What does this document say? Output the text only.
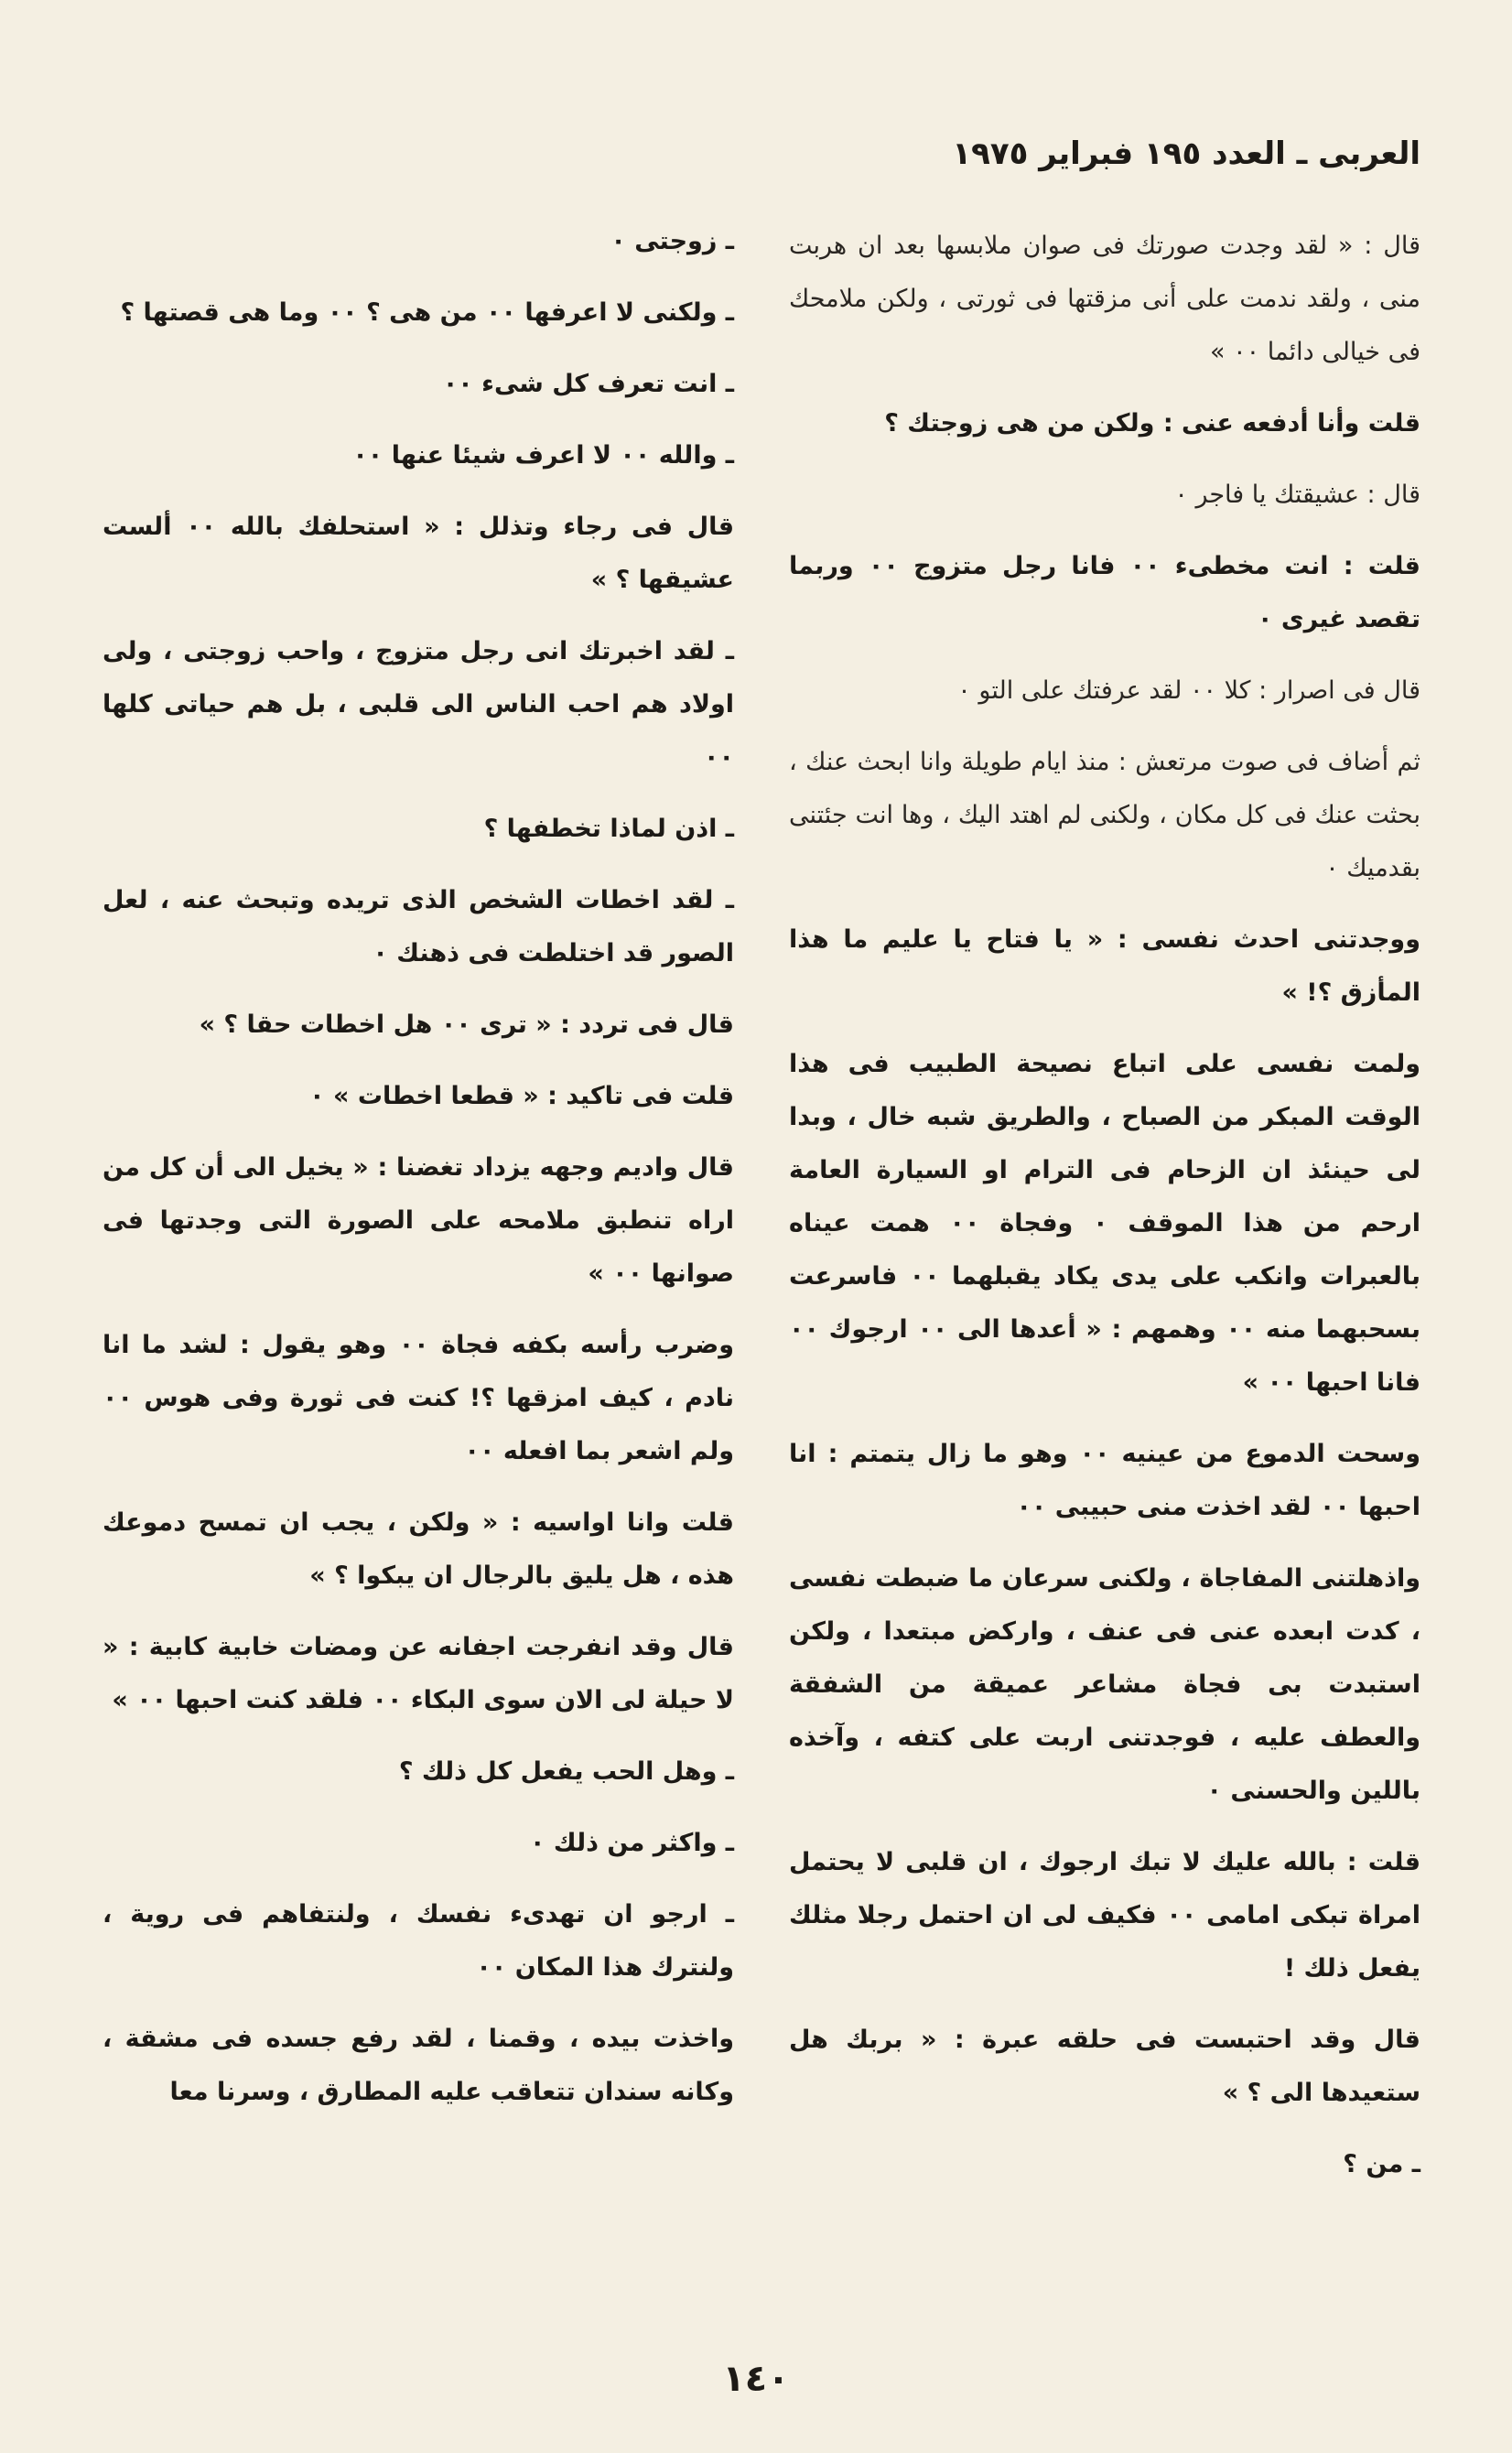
العربى ـ العدد ١٩٥ فبراير ١٩٧٥

قال : « لقد وجدت صورتك فى صوان ملابسها بعد ان هربت منى ، ولقد ندمت على أنى مزقتها فى ثورتى ، ولكن ملامحك فى خيالى دائما ٠٠ »

قلت وأنا أدفعه عنى : ولكن من هى زوجتك ؟

قال : عشيقتك يا فاجر ٠

قلت : انت مخطىء ٠٠ فانا رجل متزوج ٠٠ وربما تقصد غيرى ٠

قال فى اصرار : كلا ٠٠ لقد عرفتك على التو ٠

ثم أضاف فى صوت مرتعش : منذ ايام طويلة وانا ابحث عنك ، بحثت عنك فى كل مكان ، ولكنى لم اهتد اليك ، وها انت جئتنى بقدميك ٠

ووجدتنى احدث نفسى : « يا فتاح يا عليم ما هذا المأزق ؟! »

ولمت نفسى على اتباع نصيحة الطبيب فى هذا الوقت المبكر من الصباح ، والطريق شبه خال ، وبدا لى حينئذ ان الزحام فى الترام او السيارة العامة ارحم من هذا الموقف ٠ وفجاة ٠٠ همت عيناه بالعبرات وانكب على يدى يكاد يقبلهما ٠٠ فاسرعت بسحبهما منه ٠٠ وهمهم : « أعدها الى ٠٠ ارجوك ٠٠ فانا احبها ٠٠ »

وسحت الدموع من عينيه ٠٠ وهو ما زال يتمتم : انا احبها ٠٠ لقد اخذت منى حبيبى ٠٠

واذهلتنى المفاجاة ، ولكنى سرعان ما ضبطت نفسى ، كدت ابعده عنى فى عنف ، واركض مبتعدا ، ولكن استبدت بى فجاة مشاعر عميقة من الشفقة والعطف عليه ، فوجدتنى اربت على كتفه ، وآخذه باللين والحسنى ٠

قلت : بالله عليك لا تبك ارجوك ، ان قلبى لا يحتمل امراة تبكى امامى ٠٠ فكيف لى ان احتمل رجلا مثلك يفعل ذلك !

قال وقد احتبست فى حلقه عبرة : « بربك هل ستعيدها الى ؟ »

ـ من ؟

ـ زوجتى ٠

ـ ولكنى لا اعرفها ٠٠ من هى ؟ ٠٠ وما هى قصتها ؟

ـ انت تعرف كل شىء ٠٠

ـ والله ٠٠ لا اعرف شيئا عنها ٠٠

قال فى رجاء وتذلل : « استحلفك بالله ٠٠ ألست عشيقها ؟ »

ـ لقد اخبرتك انى رجل متزوج ، واحب زوجتى ، ولى اولاد هم احب الناس الى قلبى ، بل هم حياتى كلها ٠٠

ـ اذن لماذا تخطفها ؟

ـ لقد اخطات الشخص الذى تريده وتبحث عنه ، لعل الصور قد اختلطت فى ذهنك ٠

قال فى تردد : « ترى ٠٠ هل اخطات حقا ؟ »

قلت فى تاكيد : « قطعا اخطات » ٠

قال واديم وجهه يزداد تغضنا : « يخيل الى أن كل من اراه تنطبق ملامحه على الصورة التى وجدتها فى صوانها ٠٠ »

وضرب رأسه بكفه فجاة ٠٠ وهو يقول : لشد ما انا نادم ، كيف امزقها ؟! كنت فى ثورة وفى هوس ٠٠ ولم اشعر بما افعله ٠٠

قلت وانا اواسيه : « ولكن ، يجب ان تمسح دموعك هذه ، هل يليق بالرجال ان يبكوا ؟ »

قال وقد انفرجت اجفانه عن ومضات خابية كابية : « لا حيلة لى الان سوى البكاء ٠٠ فلقد كنت احبها ٠٠ »

ـ وهل الحب يفعل كل ذلك ؟

ـ واكثر من ذلك ٠

ـ ارجو ان تهدىء نفسك ، ولنتفاهم فى روية ، ولنترك هذا المكان ٠٠

واخذت بيده ، وقمنا ، لقد رفع جسده فى مشقة ، وكانه سندان تتعاقب عليه المطارق ، وسرنا معا

١٤٠
